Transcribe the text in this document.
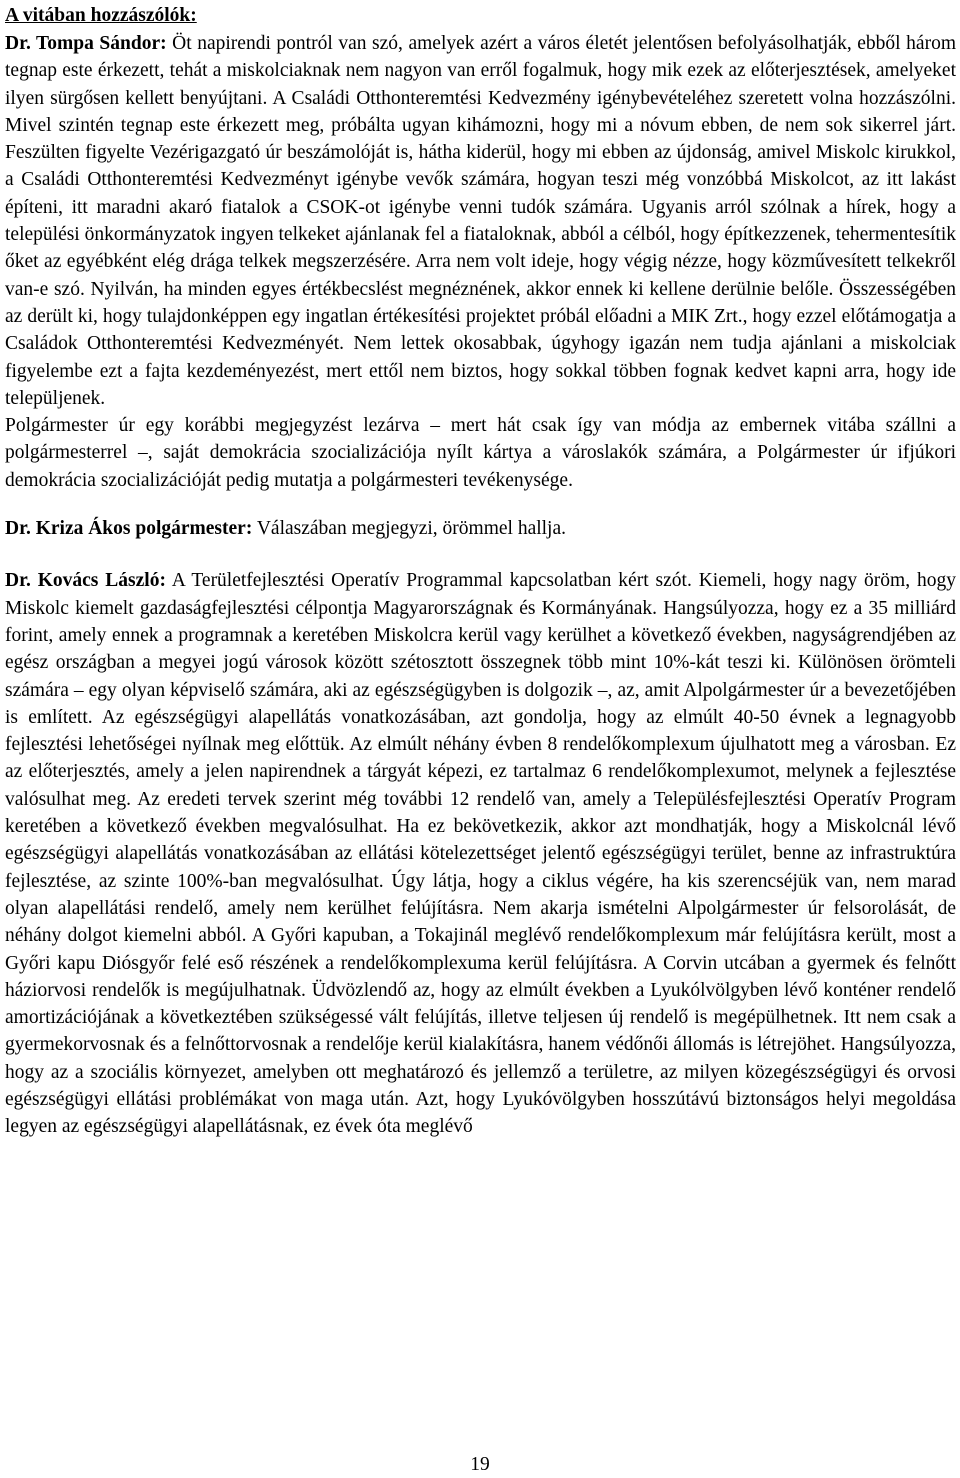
A vitában hozzászólók:

Dr. Tompa Sándor: Öt napirendi pontról van szó, amelyek azért a város életét jelentősen befolyásolhatják, ebből három tegnap este érkezett, tehát a miskolciaknak nem nagyon van erről fogalmuk, hogy mik ezek az előterjesztések, amelyeket ilyen sürgősen kellett benyújtani. A Családi Otthonteremtési Kedvezmény igénybevételéhez szeretett volna hozzászólni. Mivel szintén tegnap este érkezett meg, próbálta ugyan kihámozni, hogy mi a nóvum ebben, de nem sok sikerrel járt. Feszülten figyelte Vezérigazgató úr beszámolóját is, hátha kiderül, hogy mi ebben az újdonság, amivel Miskolc kirukkol, a Családi Otthonteremtési Kedvezményt igénybe vevők számára, hogyan teszi még vonzóbbá Miskolcot, az itt lakást építeni, itt maradni akaró fiatalok a CSOK-ot igénybe venni tudók számára. Ugyanis arról szólnak a hírek, hogy a települési önkormányzatok ingyen telkeket ajánlanak fel a fiataloknak, abból a célból, hogy építkezzenek, tehermentesítik őket az egyébként elég drága telkek megszerzésére. Arra nem volt ideje, hogy végig nézze, hogy közművesített telkekről van-e szó. Nyilván, ha minden egyes értékbecslést megnéznének, akkor ennek ki kellene derülnie belőle. Összességében az derült ki, hogy tulajdonképpen egy ingatlan értékesítési projektet próbál előadni a MIK Zrt., hogy ezzel előtámogatja a Családok Otthonteremtési Kedvezményét. Nem lettek okosabbak, úgyhogy igazán nem tudja ajánlani a miskolciak figyelembe ezt a fajta kezdeményezést, mert ettől nem biztos, hogy sokkal többen fognak kedvet kapni arra, hogy ide települjenek.

Polgármester úr egy korábbi megjegyzést lezárva – mert hát csak így van módja az embernek vitába szállni a polgármesterrel –, saját demokrácia szocializációja nyílt kártya a városlakók számára, a Polgármester úr ifjúkori demokrácia szocializációját pedig mutatja a polgármesteri tevékenysége.

Dr. Kriza Ákos polgármester: Válaszában megjegyzi, örömmel hallja.

Dr. Kovács László: A Területfejlesztési Operatív Programmal kapcsolatban kért szót. Kiemeli, hogy nagy öröm, hogy Miskolc kiemelt gazdaságfejlesztési célpontja Magyarországnak és Kormányának. Hangsúlyozza, hogy ez a 35 milliárd forint, amely ennek a programnak a keretében Miskolcra kerül vagy kerülhet a következő években, nagyságrendjében az egész országban a megyei jogú városok között szétosztott összegnek több mint 10%-kát teszi ki. Különösen örömteli számára – egy olyan képviselő számára, aki az egészségügyben is dolgozik –, az, amit Alpolgármester úr a bevezetőjében is említett. Az egészségügyi alapellátás vonatkozásában, azt gondolja, hogy az elmúlt 40-50 évnek a legnagyobb fejlesztési lehetőségei nyílnak meg előttük. Az elmúlt néhány évben 8 rendelőkomplexum újulhatott meg a városban. Ez az előterjesztés, amely a jelen napirendnek a tárgyát képezi, ez tartalmaz 6 rendelőkomplexumot, melynek a fejlesztése valósulhat meg. Az eredeti tervek szerint még további 12 rendelő van, amely a Településfejlesztési Operatív Program keretében a következő években megvalósulhat. Ha ez bekövetkezik, akkor azt mondhatják, hogy a Miskolcnál lévő egészségügyi alapellátás vonatkozásában az ellátási kötelezettséget jelentő egészségügyi terület, benne az infrastruktúra fejlesztése, az szinte 100%-ban megvalósulhat. Úgy látja, hogy a ciklus végére, ha kis szerencséjük van, nem marad olyan alapellátási rendelő, amely nem kerülhet felújításra. Nem akarja ismételni Alpolgármester úr felsorolását, de néhány dolgot kiemelni abból. A Győri kapuban, a Tokajinál meglévő rendelőkomplexum már felújításra került, most a Győri kapu Diósgyőr felé eső részének a rendelőkomplexuma kerül felújításra. A Corvin utcában a gyermek és felnőtt háziorvosi rendelők is megújulhatnak. Üdvözlendő az, hogy az elmúlt években a Lyukólvölgyben lévő konténer rendelő amortizációjának a következtében szükségessé vált felújítás, illetve teljesen új rendelő is megépülhetnek. Itt nem csak a gyermekorvosnak és a felnőttorvosnak a rendelője kerül kialakításra, hanem védőnői állomás is létrejöhet. Hangsúlyozza, hogy az a szociális környezet, amelyben ott meghatározó és jellemző a területre, az milyen közegészségügyi és orvosi egészségügyi ellátási problémákat von maga után. Azt, hogy Lyukóvölgyben hosszútávú biztonságos helyi megoldása legyen az egészségügyi alapellátásnak, ez évek óta meglévő

19
